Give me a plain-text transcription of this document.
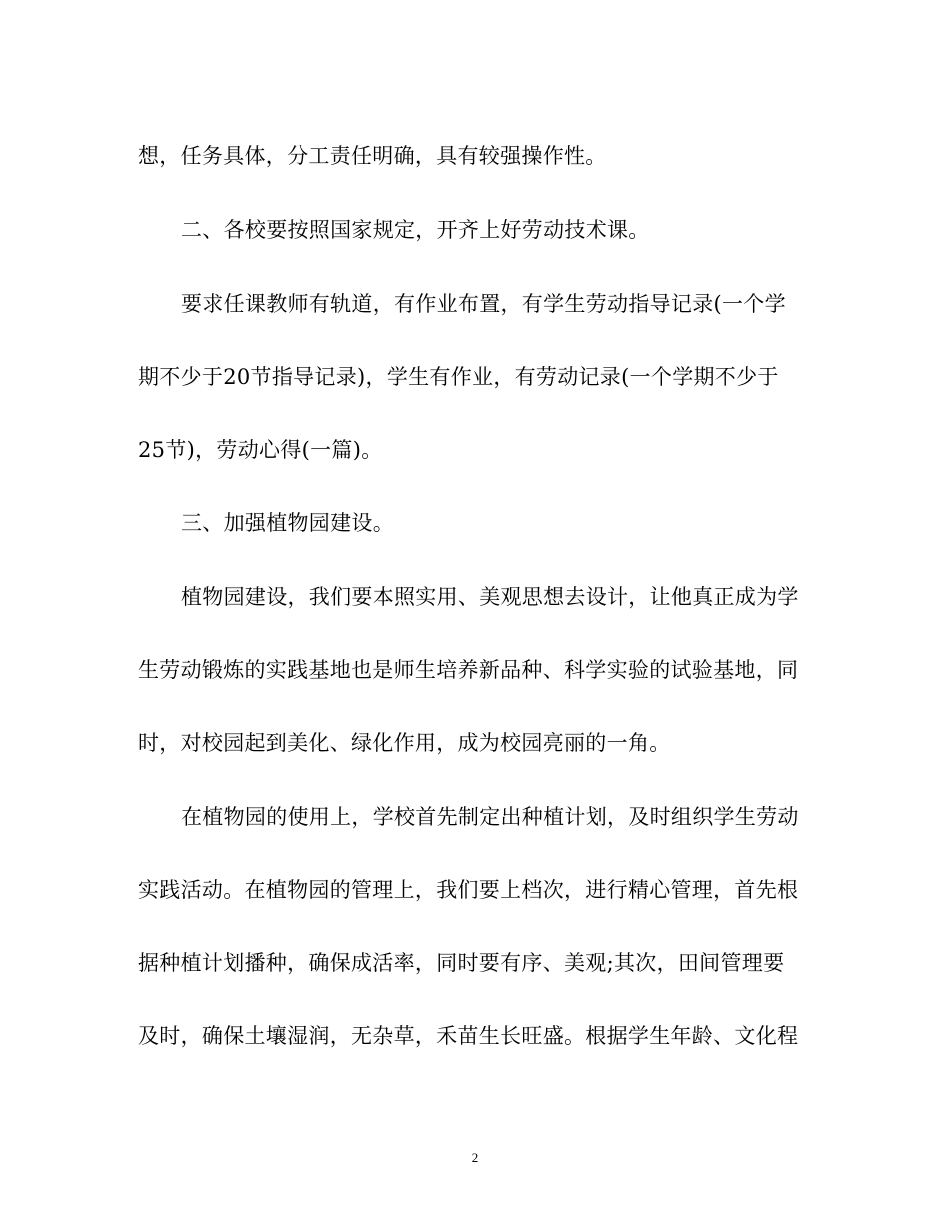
想，任务具体，分工责任明确，具有较强操作性。
二、各校要按照国家规定，开齐上好劳动技术课。
要求任课教师有轨道，有作业布置，有学生劳动指导记录(一个学
期不少于20节指导记录)，学生有作业，有劳动记录(一个学期不少于
25节)，劳动心得(一篇)。
三、加强植物园建设。
植物园建设，我们要本照实用、美观思想去设计，让他真正成为学
生劳动锻炼的实践基地也是师生培养新品种、科学实验的试验基地，同
时，对校园起到美化、绿化作用，成为校园亮丽的一角。
在植物园的使用上，学校首先制定出种植计划，及时组织学生劳动
实践活动。在植物园的管理上，我们要上档次，进行精心管理，首先根
据种植计划播种，确保成活率，同时要有序、美观;其次，田间管理要
及时，确保土壤湿润，无杂草，禾苗生长旺盛。根据学生年龄、文化程
2
